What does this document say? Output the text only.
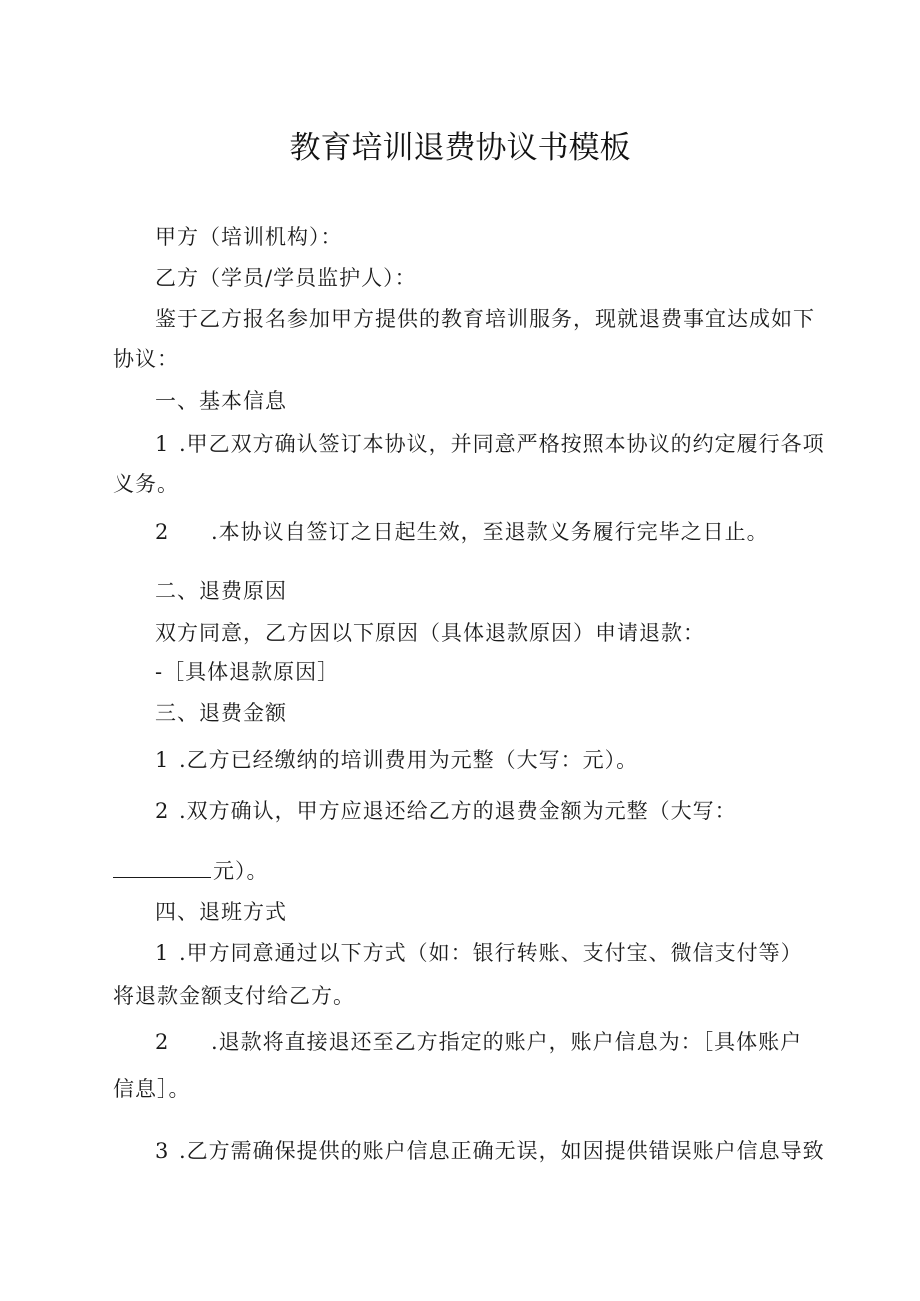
教育培训退费协议书模板
甲方（培训机构）：
乙方（学员/学员监护人）：
鉴于乙方报名参加甲方提供的教育培训服务，现就退费事宜达成如下
协议：
一、基本信息
1 .甲乙双方确认签订本协议，并同意严格按照本协议的约定履行各项
义务。
2 .本协议自签订之日起生效，至退款义务履行完毕之日止。
二、退费原因
双方同意，乙方因以下原因（具体退款原因）申请退款：
-［具体退款原因］
三、退费金额
1 .乙方已经缴纳的培训费用为元整（大写：元）。
2 .双方确认，甲方应退还给乙方的退费金额为元整（大写：
元）。
四、退班方式
1 .甲方同意通过以下方式（如：银行转账、支付宝、微信支付等）
将退款金额支付给乙方。
2 .退款将直接退还至乙方指定的账户，账户信息为：［具体账户
信息］。
3 .乙方需确保提供的账户信息正确无误，如因提供错误账户信息导致
